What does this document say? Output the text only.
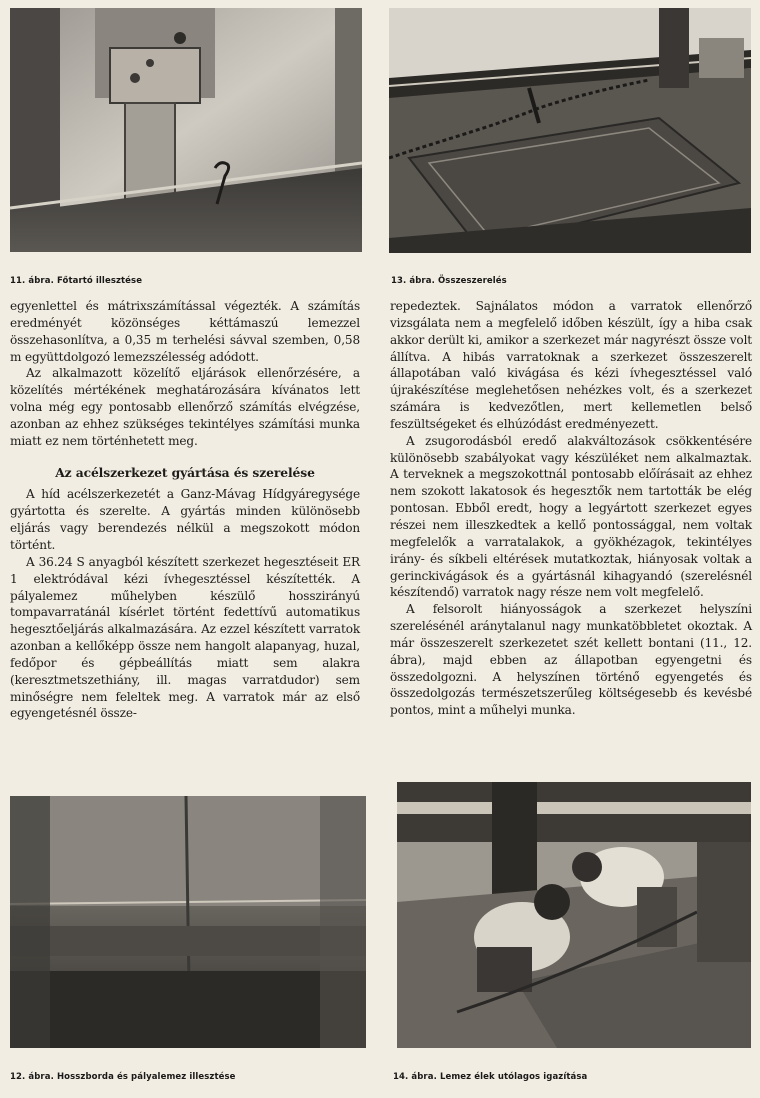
11. ábra. Főtartó illesztése	13. ábra. Összeszerelés

egyenlettel és mátrixszámítással végezték. A számítás eredményét közönséges kéttámaszú lemezzel összehasonlítva, a 0,35 m terhelési sávval szemben, 0,58 m együttdolgozó lemezszélesség adódott.

Az alkalmazott közelítő eljárások ellenőrzésére, a közelítés mértékének meghatározására kívánatos lett volna még egy pontosabb ellenőrző számítás elvégzése, azonban az ehhez szükséges tekintélyes számítási munka miatt ez nem történhetett meg.

Az acélszerkezet gyártása és szerelése

A híd acélszerkezetét a Ganz-Mávag Hídgyáregysége gyártotta és szerelte. A gyártás minden különösebb eljárás vagy berendezés nélkül a megszokott módon történt.

A 36.24 S anyagból készített szerkezet hegesztéseit ER 1 elektródával kézi ívhegesztéssel készítették. A pályalemez műhelyben készülő hosszirányú tompavarratánál kísérlet történt fedettívű automatikus hegesztőeljárás alkalmazására. Az ezzel készített varratok azonban a kellőképp össze nem hangolt alapanyag, huzal, fedőpor és gépbeállítás miatt sem alakra (keresztmetszethiány, ill. magas varratdudor) sem minőségre nem feleltek meg. A varratok már az első egyengetésnél össze-

repedeztek. Sajnálatos módon a varratok ellenőrző vizsgálata nem a megfelelő időben készült, így a hiba csak akkor derült ki, amikor a szerkezet már nagyrészt össze volt állítva. A hibás varratoknak a szerkezet összeszerelt állapotában való kivágása és kézi ívhegesztéssel való újrakészítése meglehetősen nehézkes volt, és a szerkezet számára is kedvezőtlen, mert kellemetlen belső feszültségeket és elhúzódást eredményezett.

A zsugorodásból eredő alakváltozások csökkentésére különösebb szabályokat vagy készüléket nem alkalmaztak. A terveknek a megszokottnál pontosabb előírásait az ehhez nem szokott lakatosok és hegesztők nem tartották be elég pontosan. Ebből eredt, hogy a legyártott szerkezet egyes részei nem illeszkedtek a kellő pontossággal, nem voltak megfelelők a varratalakok, a gyökhézagok, tekintélyes irány- és síkbeli eltérések mutatkoztak, hiányosak voltak a gerinckivágások és a gyártásnál kihagyandó (szerelésnél készítendő) varratok nagy része nem volt megfelelő.

A felsorolt hiányosságok a szerkezet helyszíni szerelésénél aránytalanul nagy munkatöbbletet okoztak. A már összeszerelt szerkezetet szét kellett bontani (11., 12. ábra), majd ebben az állapotban egyengetni és összedolgozni. A helyszínen történő egyengetés és összedolgozás természetszerűleg költségesebb és kevésbé pontos, mint a műhelyi munka.

12. ábra. Hosszborda és pályalemez illesztése	14. ábra. Lemez élek utólagos igazítása
